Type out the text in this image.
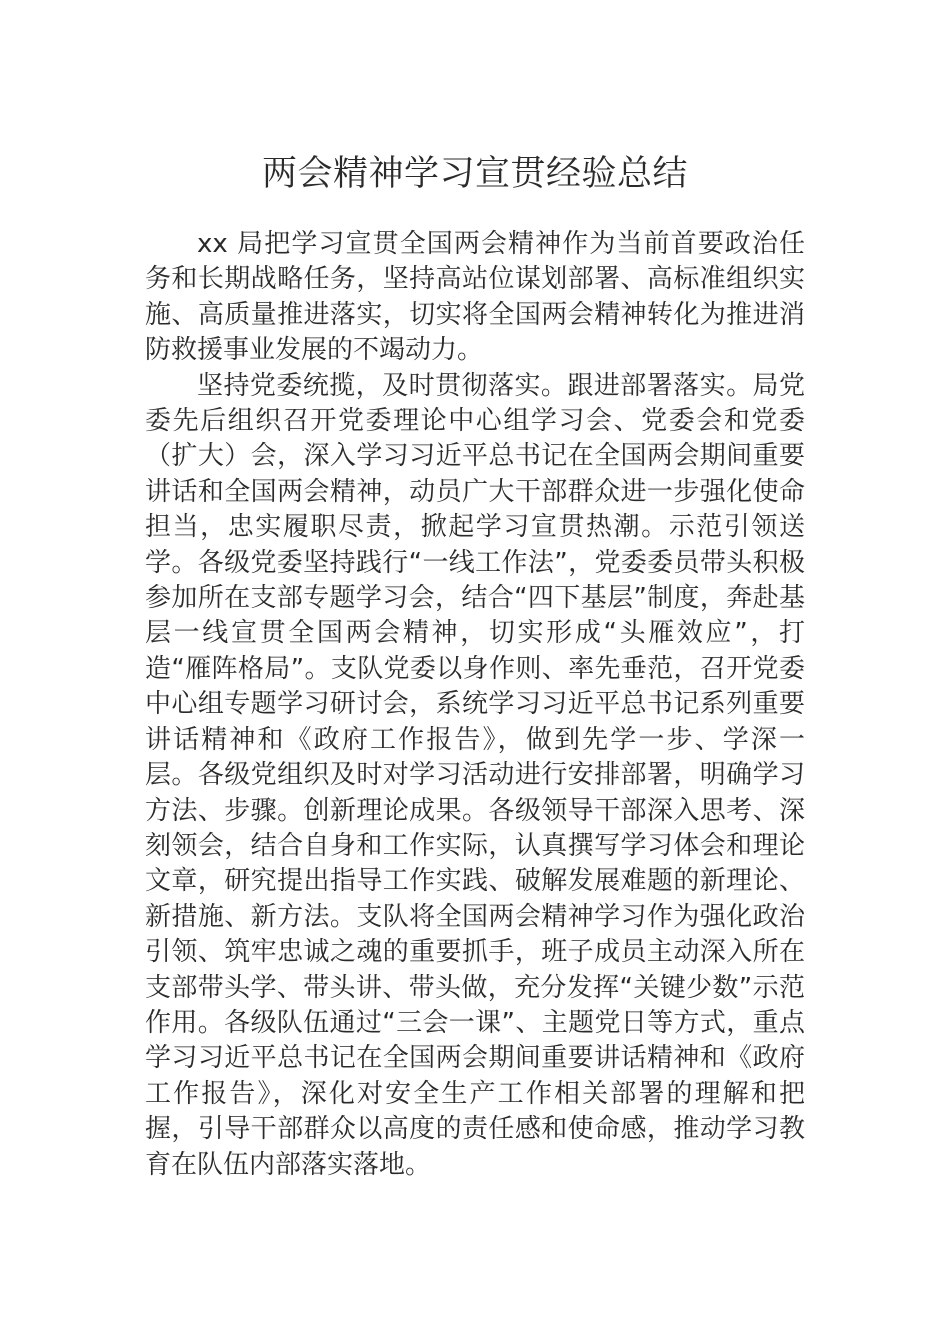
两会精神学习宣贯经验总结

xx 局把学习宣贯全国两会精神作为当前首要政治任务和长期战略任务，坚持高站位谋划部署、高标准组织实施、高质量推进落实，切实将全国两会精神转化为推进消防救援事业发展的不竭动力。

坚持党委统揽，及时贯彻落实。跟进部署落实。局党委先后组织召开党委理论中心组学习会、党委会和党委（扩大）会，深入学习习近平总书记在全国两会期间重要讲话和全国两会精神，动员广大干部群众进一步强化使命担当，忠实履职尽责，掀起学习宣贯热潮。示范引领送学。各级党委坚持践行“一线工作法”，党委委员带头积极参加所在支部专题学习会，结合“四下基层”制度，奔赴基层一线宣贯全国两会精神，切实形成“头雁效应”，打造“雁阵格局”。支队党委以身作则、率先垂范，召开党委中心组专题学习研讨会，系统学习习近平总书记系列重要讲话精神和《政府工作报告》，做到先学一步、学深一层。各级党组织及时对学习活动进行安排部署，明确学习方法、步骤。创新理论成果。各级领导干部深入思考、深刻领会，结合自身和工作实际，认真撰写学习体会和理论文章，研究提出指导工作实践、破解发展难题的新理论、新措施、新方法。支队将全国两会精神学习作为强化政治引领、筑牢忠诚之魂的重要抓手，班子成员主动深入所在支部带头学、带头讲、带头做，充分发挥“关键少数”示范作用。各级队伍通过“三会一课”、主题党日等方式，重点学习习近平总书记在全国两会期间重要讲话精神和《政府工作报告》，深化对安全生产工作相关部署的理解和把握，引导干部群众以高度的责任感和使命感，推动学习教育在队伍内部落实落地。
